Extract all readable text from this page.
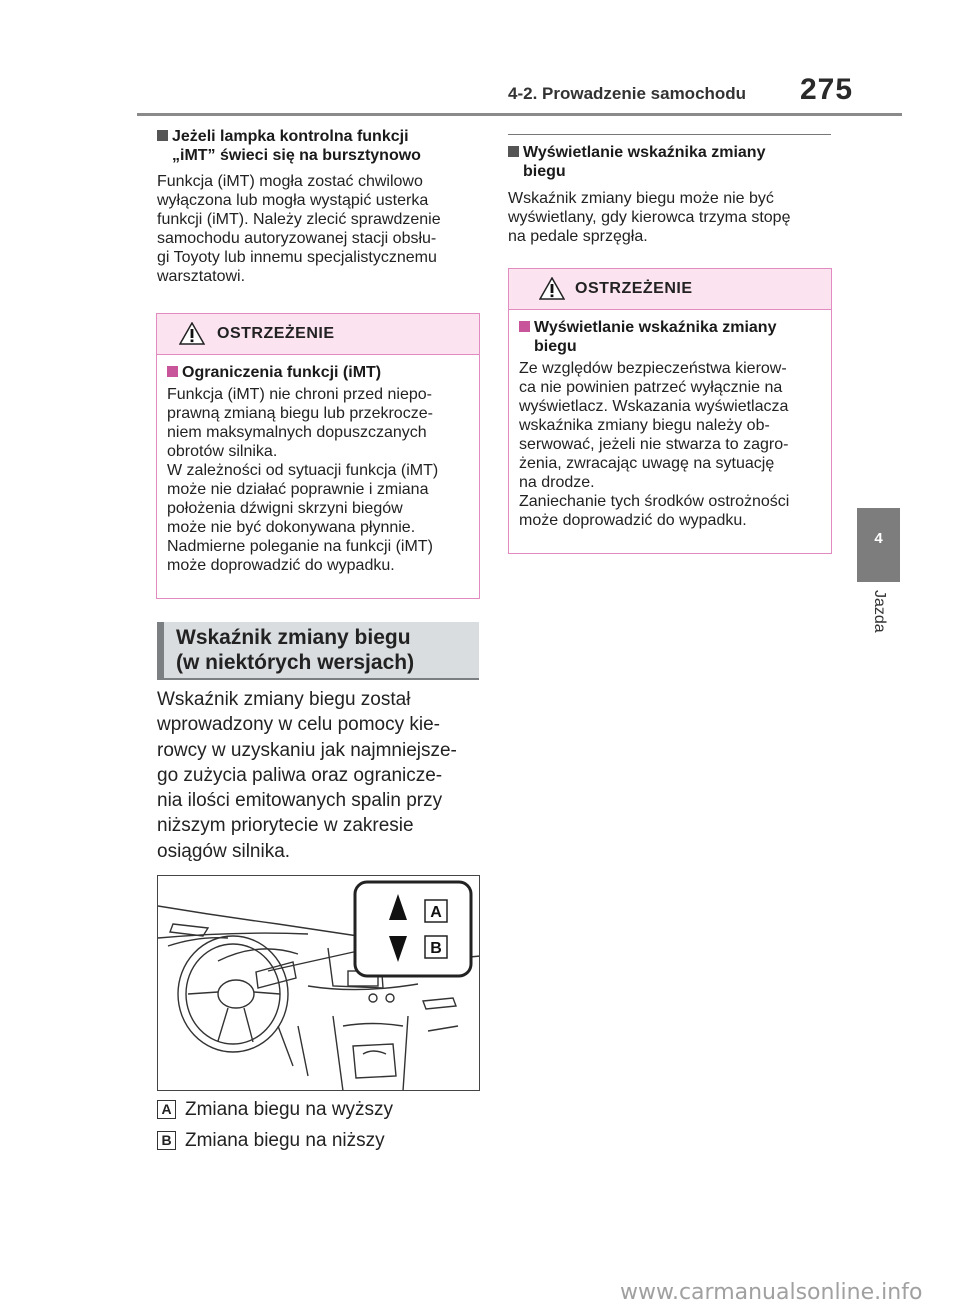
4-2. Prowadzenie samochodu 275
4
Jazda
Jeżeli lampka kontrolna funkcji
„iMT” świeci się na bursztynowo

Funkcja (iMT) mogła zostać chwilowo

wyłączona lub mogła wystąpić usterka

funkcji (iMT). Należy zlecić sprawdzenie

samochodu autoryzowanej stacji obsłu-

gi Toyoty lub innemu specjalistycznemu

warsztatowi.

OSTRZEŻENIE
Ograniczenia funkcji (iMT)

Funkcja (iMT) nie chroni przed niepo-

prawną zmianą biegu lub przekrocze-

niem maksymalnych dopuszczanych

obrotów silnika.

W zależności od sytuacji funkcja (iMT)

może nie działać poprawnie i zmiana

położenia dźwigni skrzyni biegów

może nie być dokonywana płynnie.

Nadmierne poleganie na funkcji (iMT)

może doprowadzić do wypadku.

Wskaźnik zmiany biegu
(w niektórych wersjach)
Wskaźnik zmiany biegu został
wprowadzony w celu pomocy kie-
rowcy w uzyskaniu jak najmniejsze-
go zużycia paliwa oraz ogranicze-
nia ilości emitowanych spalin przy
niższym priorytecie w zakresie
osiągów silnika.
A
B
A Zmiana biegu na wyższy
B Zmiana biegu na niższy
Wyświetlanie wskaźnika zmiany
biegu

Wskaźnik zmiany biegu może nie być

wyświetlany, gdy kierowca trzyma stopę

na pedale sprzęgła.

OSTRZEŻENIE
Wyświetlanie wskaźnika zmiany
biegu

Ze względów bezpieczeństwa kierow-

ca nie powinien patrzeć wyłącznie na

wyświetlacz. Wskazania wyświetlacza

wskaźnika zmiany biegu należy ob-

serwować, jeżeli nie stwarza to zagro-

żenia, zwracając uwagę na sytuację

na drodze.

Zaniechanie tych środków ostrożności

może doprowadzić do wypadku.

www.carmanualsonline.info
